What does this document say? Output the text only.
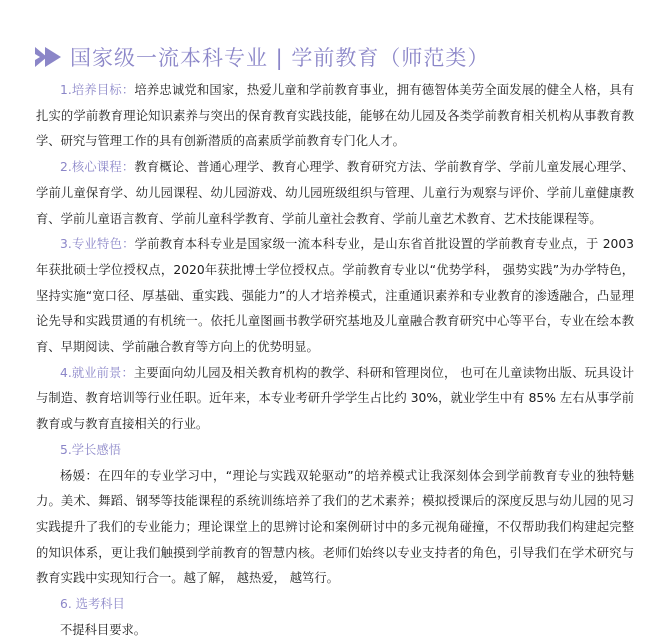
国家级一流本科专业 | 学前教育（师范类）

1.培养目标：培养忠诚党和国家，热爱儿童和学前教育事业，拥有德智体美劳全面发展的健全人格，具有扎实的学前教育理论知识素养与突出的保育教育实践技能，能够在幼儿园及各类学前教育相关机构从事教育教学、研究与管理工作的具有创新潜质的高素质学前教育专门化人才。

2.核心课程：教育概论、普通心理学、教育心理学、教育研究方法、学前教育学、学前儿童发展心理学、学前儿童保育学、幼儿园课程、幼儿园游戏、幼儿园班级组织与管理、儿童行为观察与评价、学前儿童健康教育、学前儿童语言教育、学前儿童科学教育、学前儿童社会教育、学前儿童艺术教育、艺术技能课程等。

3.专业特色：学前教育本科专业是国家级一流本科专业，是山东省首批设置的学前教育专业点，于 2003年获批硕士学位授权点，2020年获批博士学位授权点。学前教育专业以“优势学科， 强势实践”为办学特色，坚持实施“宽口径、厚基础、重实践、强能力”的人才培养模式，注重通识素养和专业教育的渗透融合，凸显理论先导和实践贯通的有机统一。依托儿童图画书教学研究基地及儿童融合教育研究中心等平台，专业在绘本教育、早期阅读、学前融合教育等方向上的优势明显。

4.就业前景：主要面向幼儿园及相关教育机构的教学、科研和管理岗位， 也可在儿童读物出版、玩具设计与制造、教育培训等行业任职。近年来，本专业考研升学学生占比约 30%，就业学生中有 85% 左右从事学前教育或与教育直接相关的行业。

5.学长感悟

杨媛：在四年的专业学习中，“理论与实践双轮驱动”的培养模式让我深刻体会到学前教育专业的独特魅力。美术、舞蹈、钢琴等技能课程的系统训练培养了我们的艺术素养；模拟授课后的深度反思与幼儿园的见习实践提升了我们的专业能力；理论课堂上的思辨讨论和案例研讨中的多元视角碰撞，不仅帮助我们构建起完整的知识体系，更让我们触摸到学前教育的智慧内核。老师们始终以专业支持者的角色，引导我们在学术研究与教育实践中实现知行合一。越了解， 越热爱， 越笃行。

6. 选考科目

不提科目要求。
